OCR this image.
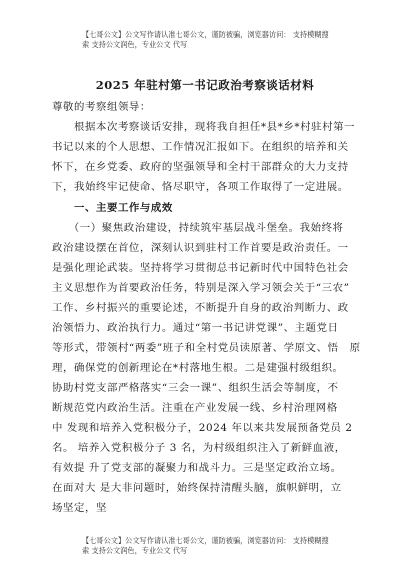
【七哥公文】公文写作请认准七哥公文，谨防被骗，浏览器访问： 支持模糊搜
索 支持公文润色，专业公文 代写
2025 年驻村第一书记政治考察谈话材料
尊敬的考察组领导：
　　根据本次考察谈话安排，现将我自担任*县*乡*村驻村第一
书记以来的个人思想、工作情况汇报如下。在组织的培养和关
怀下，在乡党委、政府的坚强领导和全村干部群众的大力支持
下，我始终牢记使命、恪尽职守，各项工作取得了一定进展。
　　一、主要工作与成效
　　（一）聚焦政治建设，持续筑牢基层战斗堡垒。我始终将
政治建设摆在首位，深刻认识到驻村工作首要是政治责任。一
是强化理论武装。坚持将学习贯彻总书记新时代中国特色社会
主义思想作为首要政治任务，特别是深入学习领会关于“三农”
工作、乡村振兴的重要论述，不断提升自身的政治判断力、政
治领悟力、政治执行力。通过“第一书记讲党课”、主题党日
等形式，带领村“两委”班子和全村党员读原著、学原文、悟　原
理，确保党的创新理论在*村落地生根。二是建强村级组织。
协助村党支部严格落实“三会一课”、组织生活会等制度，不
断规范党内政治生活。注重在产业发展一线、乡村治理网格
中 发现和培养入党积极分子，2024 年以来共发展预备党员 2
名。 培养入党积极分子 3 名，为村级组织注入了新鲜血液，
有效提 升了党支部的凝聚力和战斗力。三是坚定政治立场。
在面对大 是大非问题时，始终保持清醒头脑，旗帜鲜明，立
场坚定，坚
【七哥公文】公文写作请认准七哥公文，谨防被骗，浏览器访问： 支持模糊搜
索 支持公文润色，专业公文 代写
